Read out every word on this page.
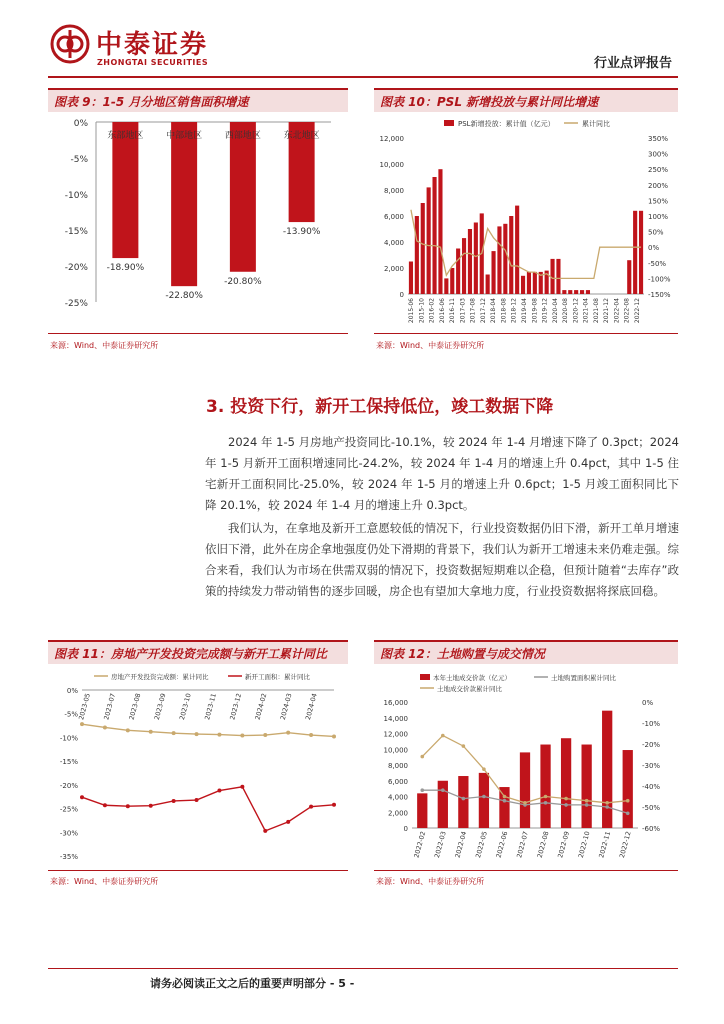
中泰证券
ZHONGTAI SECURITIES	行业点评报告
图表 9：1-5 月分地区销售面积增速
0%
-5%
-10%
-15%
-20%
-25%
东部地区
-18.90%
中部地区
-22.80%
西部地区
-20.80%
东北地区
-13.90%
来源：Wind、中泰证券研究所
图表 10：PSL 新增投放与累计同比增速
PSL新增投放：累计值（亿元）	累计同比
0
2,000
4,000
6,000
8,000
10,000
12,000
-150%
-100%
-50%
0%
50%
100%
150%
200%
250%
300%
350%
2015-06 2015-10 2016-02 2016-06 2016-11 2017-03 2017-08 2017-12 2018-04 2018-08 2018-12 2019-04 2019-08 2019-12 2020-04 2020-08 2020-12 2021-04 2021-08 2021-12 2022-04 2022-08 2022-12
来源：Wind、中泰证券研究所
3. 投资下行，新开工保持低位，竣工数据下降
2024 年 1-5 月房地产投资同比-10.1%，较 2024 年 1-4 月增速下降了 0.3pct；2024 年 1-5 月新开工面积增速同比-24.2%，较 2024 年 1-4 月的增速上升 0.4pct，其中 1-5 住宅新开工面积同比-25.0%，较 2024 年 1-5 月的增速上升 0.6pct；1-5 月竣工面积同比下降 20.1%，较 2024 年 1-4 月的增速上升 0.3pct。
我们认为，在拿地及新开工意愿较低的情况下，行业投资数据仍旧下滑，新开工单月增速依旧下滑，此外在房企拿地强度仍处下滑期的背景下，我们认为新开工增速未来仍难走强。综合来看，我们认为市场在供需双弱的情况下，投资数据短期难以企稳，但预计随着“去库存”政策的持续发力带动销售的逐步回暖，房企也有望加大拿地力度，行业投资数据将探底回稳。
图表 11：房地产开发投资完成额与新开工累计同比
房地产开发投资完成额：累计同比	新开工面积：累计同比
0%
-5%
-10%
-15%
-20%
-25%
-30%
-35%
2023-05 2023-07 2023-08 2023-09 2023-10 2023-11 2023-12 2024-02 2024-03 2024-04
来源：Wind、中泰证券研究所
图表 12：土地购置与成交情况
本年土地成交价款（亿元）	土地购置面积累计同比
土地成交价款累计同比
0
2,000
4,000
6,000
8,000
10,000
12,000
14,000
16,000	0%
-10%
-20%
-30%
-40%
-50%
-60%
2022-02 2022-03 2022-04 2022-05 2022-06 2022-07 2022-08 2022-09 2022-10 2022-11 2022-12
来源：Wind、中泰证券研究所
请务必阅读正文之后的重要声明部分 - 5 -
